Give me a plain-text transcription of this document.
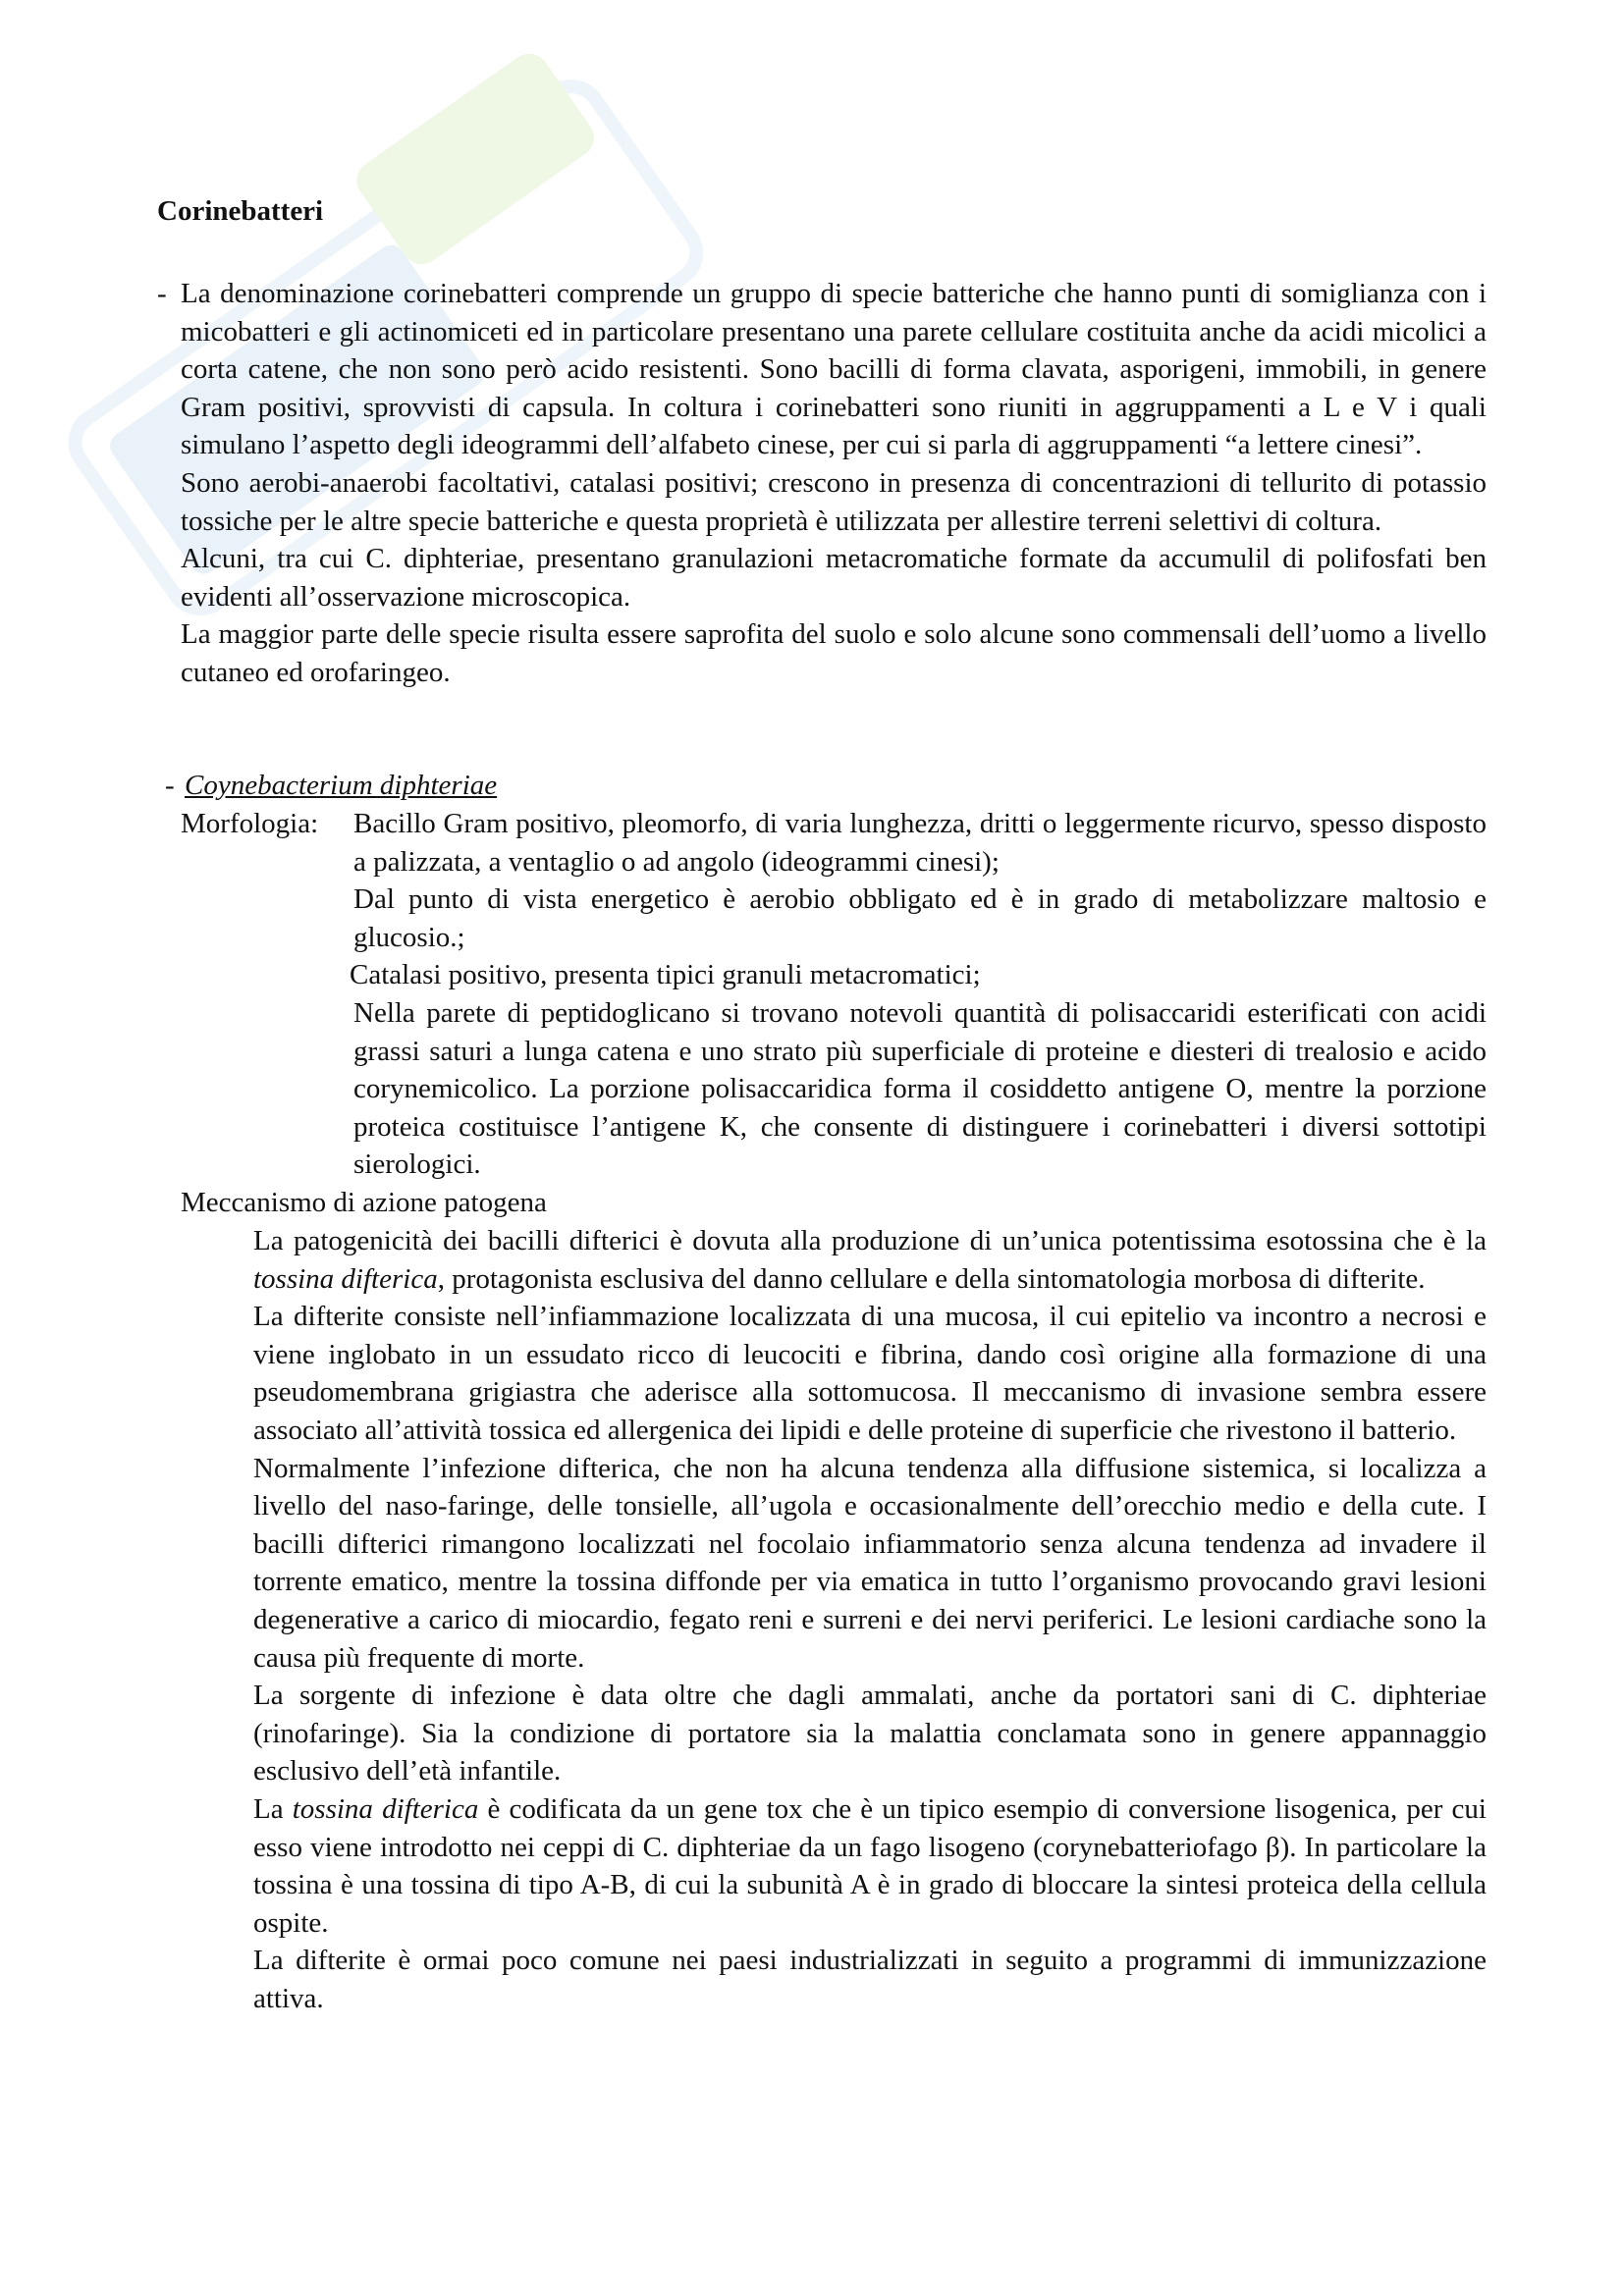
Corinebatteri
- La denominazione corinebatteri comprende un gruppo di specie batteriche che hanno punti di somiglianza con i micobatteri e gli actinomiceti ed in particolare presentano una parete cellulare costituita anche da acidi micolici a corta catene, che non sono però acido resistenti. Sono bacilli di forma clavata, asporigeni, immobili, in genere Gram positivi, sprovvisti di capsula. In coltura i corinebatteri sono riuniti in aggruppamenti a L e V i quali simulano l’aspetto degli ideogrammi dell’alfabeto cinese, per cui si parla di aggruppamenti “a lettere cinesi”.

Sono aerobi-anaerobi facoltativi, catalasi positivi; crescono in presenza di concentrazioni di tellurito di potassio tossiche per le altre specie batteriche e questa proprietà è utilizzata per allestire terreni selettivi di coltura.

Alcuni, tra cui C. diphteriae, presentano granulazioni metacromatiche formate da accumulil di polifosfati ben evidenti all’osservazione microscopica.

La maggior parte delle specie risulta essere saprofita del suolo e solo alcune sono commensali dell’uomo a livello cutaneo ed orofaringeo.

- Coynebacterium diphteriae
Morfologia: Bacillo Gram positivo, pleomorfo, di varia lunghezza, dritti o leggermente ricurvo, spesso disposto a palizzata, a ventaglio o ad angolo (ideogrammi cinesi);

Dal punto di vista energetico è aerobio obbligato ed è in grado di metabolizzare maltosio e glucosio.;

Catalasi positivo, presenta tipici granuli metacromatici;

Nella parete di peptidoglicano si trovano notevoli quantità di polisaccaridi esterificati con acidi grassi saturi a lunga catena e uno strato più superficiale di proteine e diesteri di trealosio e acido corynemicolico. La porzione polisaccaridica forma il cosiddetto antigene O, mentre la porzione proteica costituisce l’antigene K, che consente di distinguere i corinebatteri i diversi sottotipi sierologici.

Meccanismo di azione patogena

La patogenicità dei bacilli difterici è dovuta alla produzione di un’unica potentissima esotossina che è la tossina difterica, protagonista esclusiva del danno cellulare e della sintomatologia morbosa di difterite.

La difterite consiste nell’infiammazione localizzata di una mucosa, il cui epitelio va incontro a necrosi e viene inglobato in un essudato ricco di leucociti e fibrina, dando così origine alla formazione di una pseudomembrana grigiastra che aderisce alla sottomucosa. Il meccanismo di invasione sembra essere associato all’attività tossica ed allergenica dei lipidi e delle proteine di superficie che rivestono il batterio.

Normalmente l’infezione difterica, che non ha alcuna tendenza alla diffusione sistemica, si localizza a livello del naso-faringe, delle tonsielle, all’ugola e occasionalmente dell’orecchio medio e della cute. I bacilli difterici rimangono localizzati nel focolaio infiammatorio senza alcuna tendenza ad invadere il torrente ematico, mentre la tossina diffonde per via ematica in tutto l’organismo provocando gravi lesioni degenerative a carico di miocardio, fegato reni e surreni e dei nervi periferici. Le lesioni cardiache sono la causa più frequente di morte.

La sorgente di infezione è data oltre che dagli ammalati, anche da portatori sani di C. diphteriae (rinofaringe). Sia la condizione di portatore sia la malattia conclamata sono in genere appannaggio esclusivo dell’età infantile.

La tossina difterica è codificata da un gene tox che è un tipico esempio di conversione lisogenica, per cui esso viene introdotto nei ceppi di C. diphteriae da un fago lisogeno (corynebatteriofago β). In particolare la tossina è una tossina di tipo A-B, di cui la subunità A è in grado di bloccare la sintesi proteica della cellula ospite.

La difterite è ormai poco comune nei paesi industrializzati in seguito a programmi di immunizzazione attiva.
